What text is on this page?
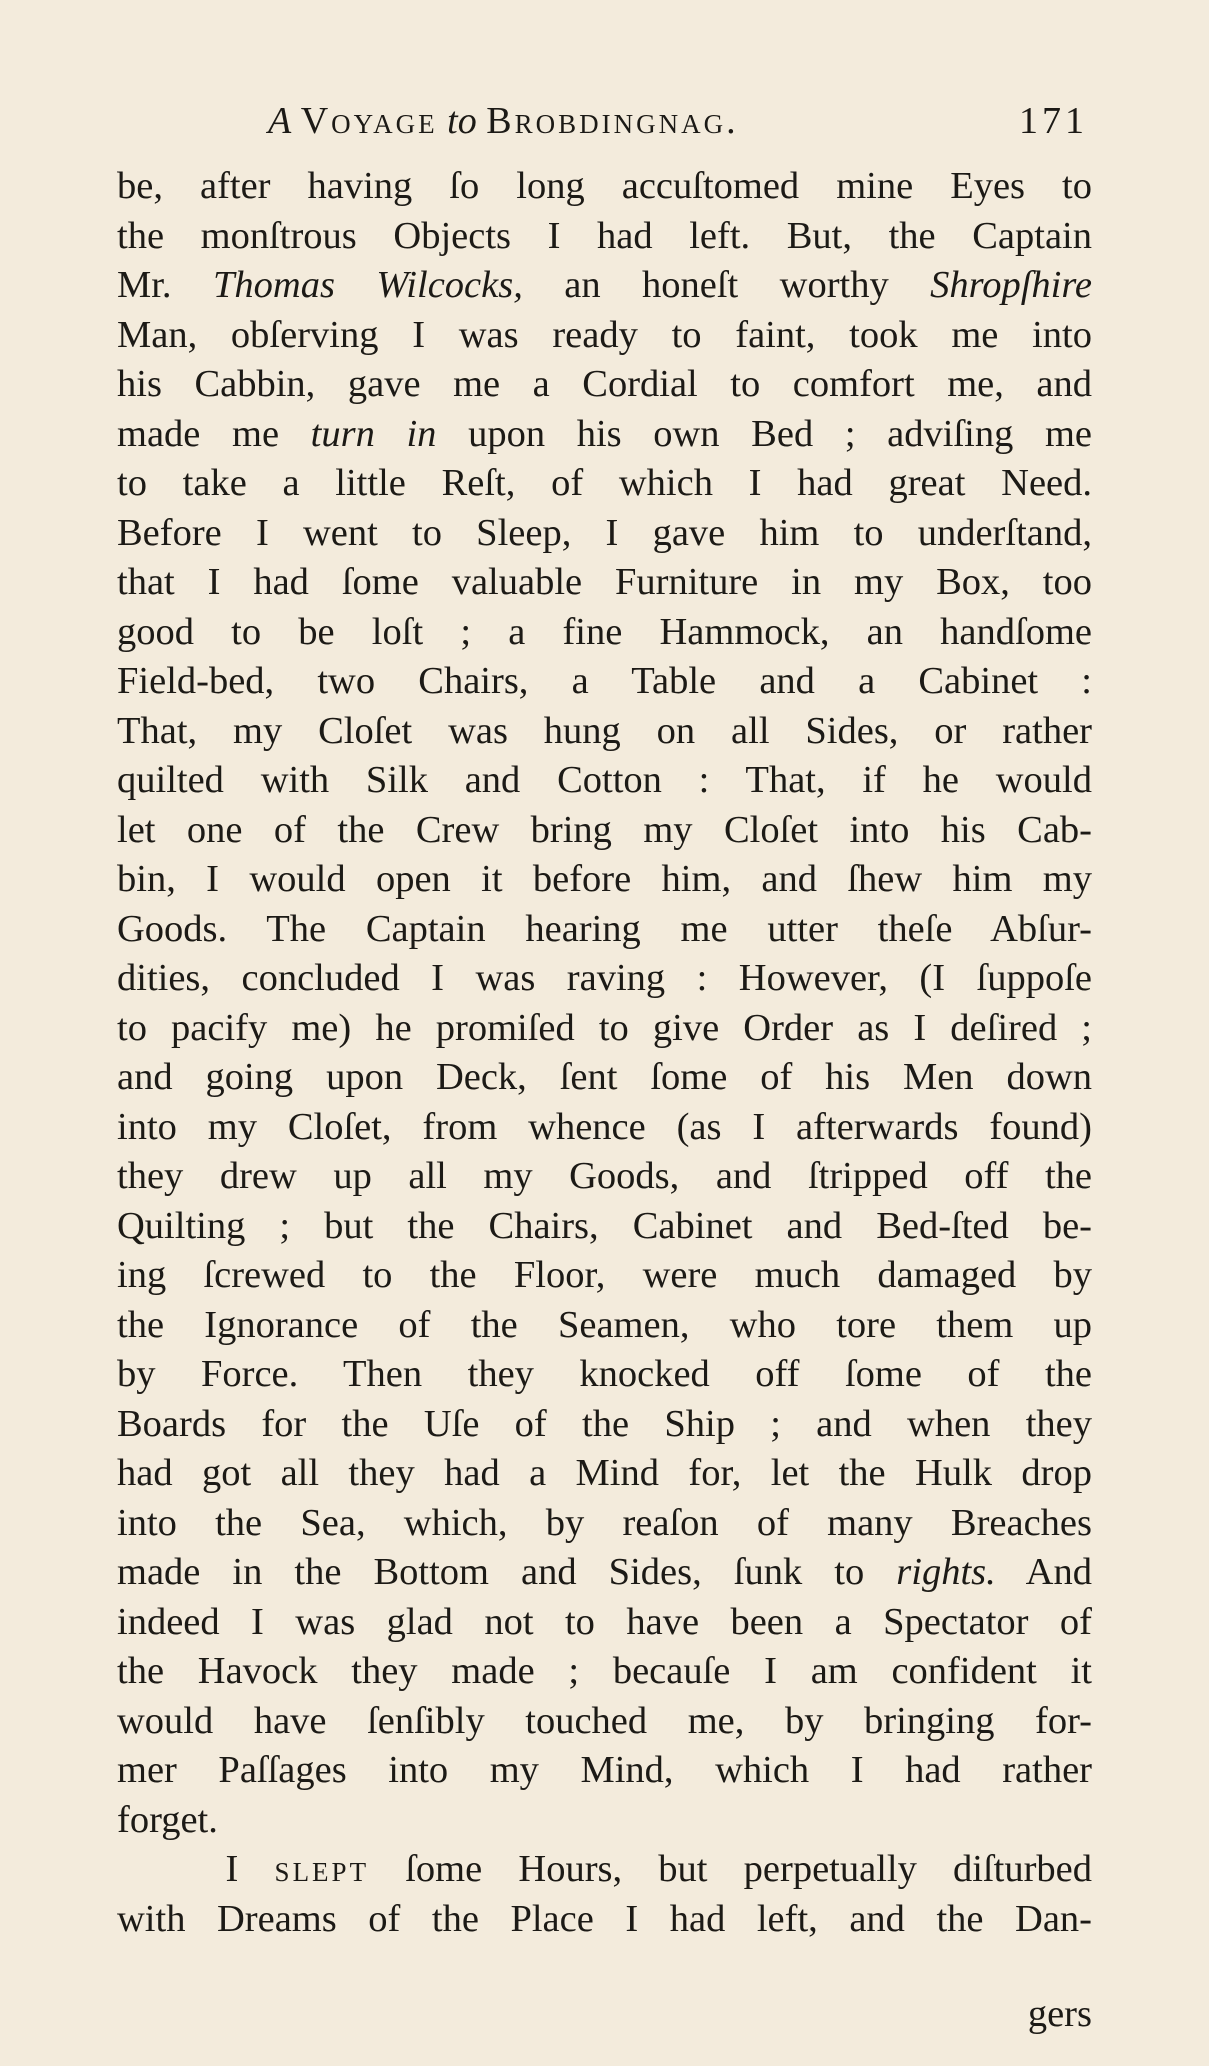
A Voyage to Brobdingnag.	171
be, after having ſo long accuſtomed mine Eyes to
the monſtrous Objects I had left. But, the Captain
Mr. Thomas Wilcocks, an honeſt worthy Shropſhire
Man, obſerving I was ready to faint, took me into
his Cabbin, gave me a Cordial to comfort me, and
made me turn in upon his own Bed ; adviſing me
to take a little Reſt, of which I had great Need.
Before I went to Sleep, I gave him to underſtand,
that I had ſome valuable Furniture in my Box, too
good to be loſt ; a fine Hammock, an handſome
Field-bed, two Chairs, a Table and a Cabinet :
That, my Cloſet was hung on all Sides, or rather
quilted with Silk and Cotton : That, if he would
let one of the Crew bring my Cloſet into his Cab-
bin, I would open it before him, and ſhew him my
Goods. The Captain hearing me utter theſe Abſur-
dities, concluded I was raving : However, (I ſuppoſe
to pacify me) he promiſed to give Order as I deſired ;
and going upon Deck, ſent ſome of his Men down
into my Cloſet, from whence (as I afterwards found)
they drew up all my Goods, and ſtripped off the
Quilting ; but the Chairs, Cabinet and Bed-ſted be-
ing ſcrewed to the Floor, were much damaged by
the Ignorance of the Seamen, who tore them up
by Force. Then they knocked off ſome of the
Boards for the Uſe of the Ship ; and when they
had got all they had a Mind for, let the Hulk drop
into the Sea, which, by reaſon of many Breaches
made in the Bottom and Sides, ſunk to rights. And
indeed I was glad not to have been a Spectator of
the Havock they made ; becauſe I am confident it
would have ſenſibly touched me, by bringing for-
mer Paſſages into my Mind, which I had rather
forget.
I slept ſome Hours, but perpetually diſturbed
with Dreams of the Place I had left, and the Dan-
gers
